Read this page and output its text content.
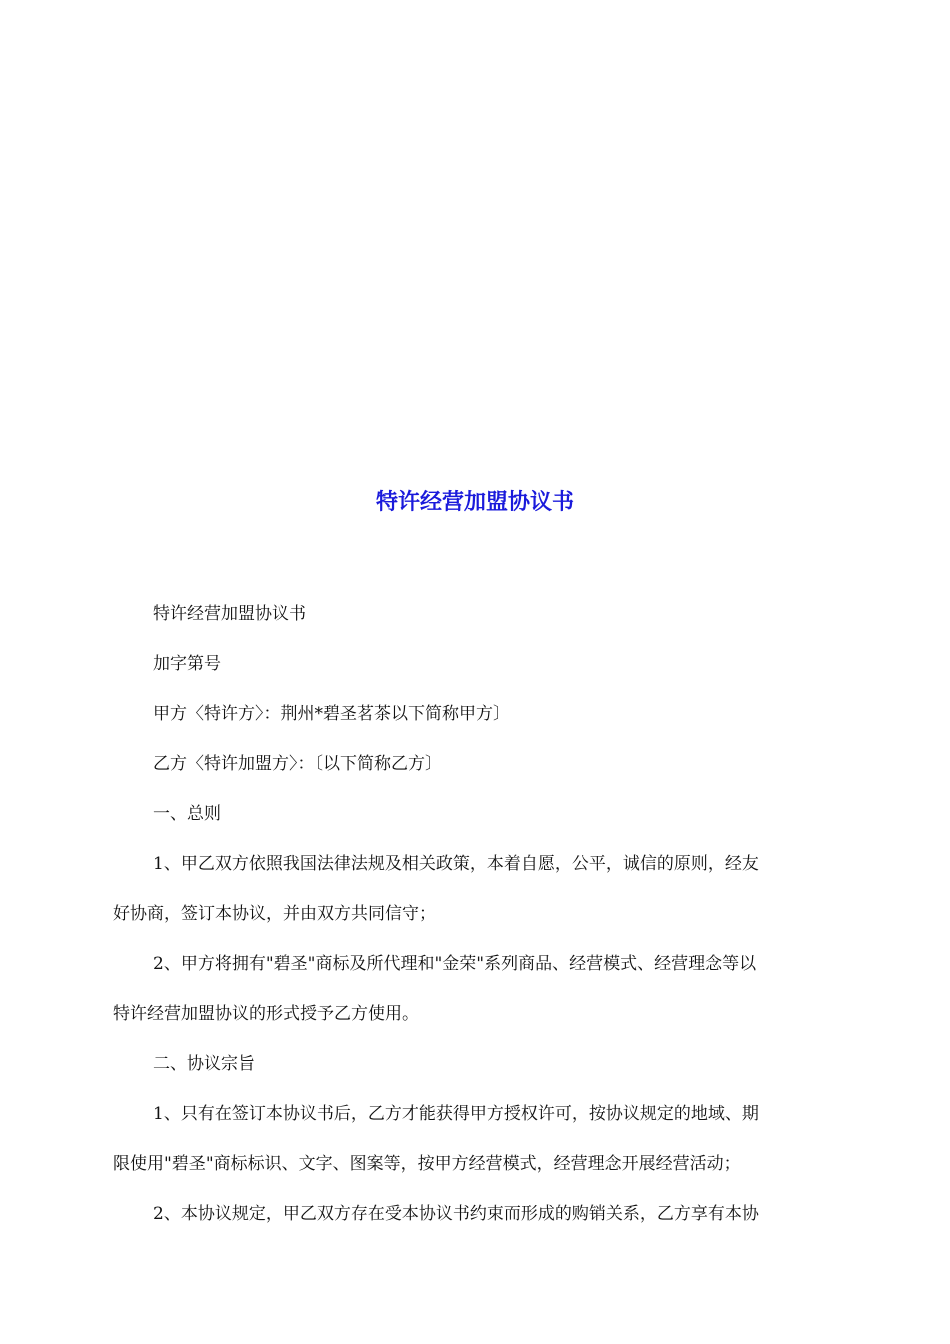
特许经营加盟协议书

特许经营加盟协议书

加字第号

甲方〈特许方〉：荆州*碧圣茗茶以下简称甲方〕

乙方〈特许加盟方〉：〔以下简称乙方〕

一、总则

1、甲乙双方依照我国法律法规及相关政策，本着自愿，公平，诚信的原则，经友

好协商，签订本协议，并由双方共同信守；

2、甲方将拥有"碧圣"商标及所代理和"金荣"系列商品、经营模式、经营理念等以

特许经营加盟协议的形式授予乙方使用。

二、协议宗旨

1、只有在签订本协议书后，乙方才能获得甲方授权许可，按协议规定的地域、期

限使用"碧圣"商标标识、文字、图案等，按甲方经营模式，经营理念开展经营活动；

2、本协议规定，甲乙双方存在受本协议书约束而形成的购销关系，乙方享有本协
